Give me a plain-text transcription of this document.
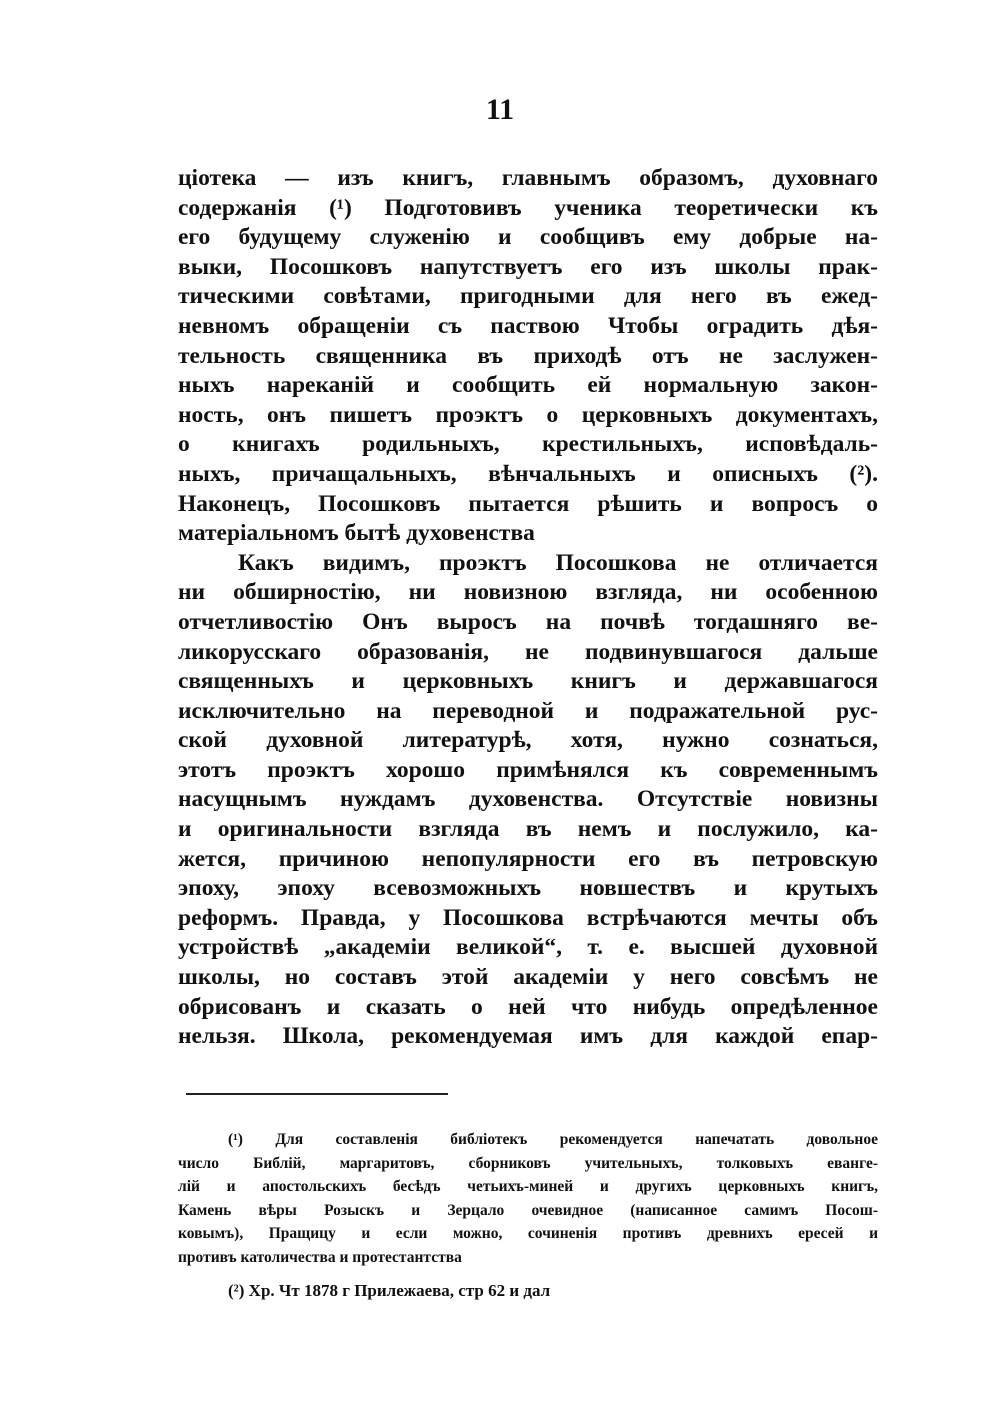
11
ціотека — изъ книгъ, главнымъ образомъ, духовнаго
содержанія (¹) Подготовивъ ученика теоретически къ
его будущему служенію и сообщивъ ему добрые на-
выки, Посошковъ напутствуетъ его изъ школы прак-
тическими совѣтами, пригодными для него въ ежед-
невномъ обращеніи съ паствою Чтобы оградить дѣя-
тельность священника въ приходѣ отъ не заслужен-
ныхъ нареканій и сообщить ей нормальную закон-
ность, онъ пишетъ проэктъ о церковныхъ документахъ,
о книгахъ родильныхъ, крестильныхъ, исповѣдаль-
ныхъ, причащальныхъ, вѣнчальныхъ и описныхъ (²).
Наконецъ, Посошковъ пытается рѣшить и вопросъ о
матеріальномъ бытѣ духовенства
Какъ видимъ, проэктъ Посошкова не отличается
ни обширностію, ни новизною взгляда, ни особенною
отчетливостію Онъ выросъ на почвѣ тогдашняго ве-
ликорусскаго образованія, не подвинувшагося дальше
священныхъ и церковныхъ книгъ и державшагося
исключительно на переводной и подражательной рус-
ской духовной литературѣ, хотя, нужно сознаться,
этотъ проэктъ хорошо примѣнялся къ современнымъ
насущнымъ нуждамъ духовенства. Отсутствіе новизны
и оригинальности взгляда въ немъ и послужило, ка-
жется, причиною непопулярности его въ петровскую
эпоху, эпоху всевозможныхъ новшествъ и крутыхъ
реформъ. Правда, у Посошкова встрѣчаются мечты объ
устройствѣ „академіи великой“, т. е. высшей духовной
школы, но составъ этой академіи у него совсѣмъ не
обрисованъ и сказать о ней что нибудь опредѣленное
нельзя. Школа, рекомендуемая имъ для каждой епар-
(¹) Для составленія библіотекъ рекомендуется напечатать довольное
число Библій, маргаритовъ, сборниковъ учительныхъ, толковыхъ еванге-
лій и апостольскихъ бесѣдъ четьихъ-миней и другихъ церковныхъ книгъ,
Камень вѣры Розыскъ и Зерцало очевидное (написанное самимъ Посош-
ковымъ), Пращицу и если можно, сочиненія противъ древнихъ ересей и
противъ католичества и протестантства
(²) Хр. Чт 1878 г Прилежаева, стр 62 и дал
